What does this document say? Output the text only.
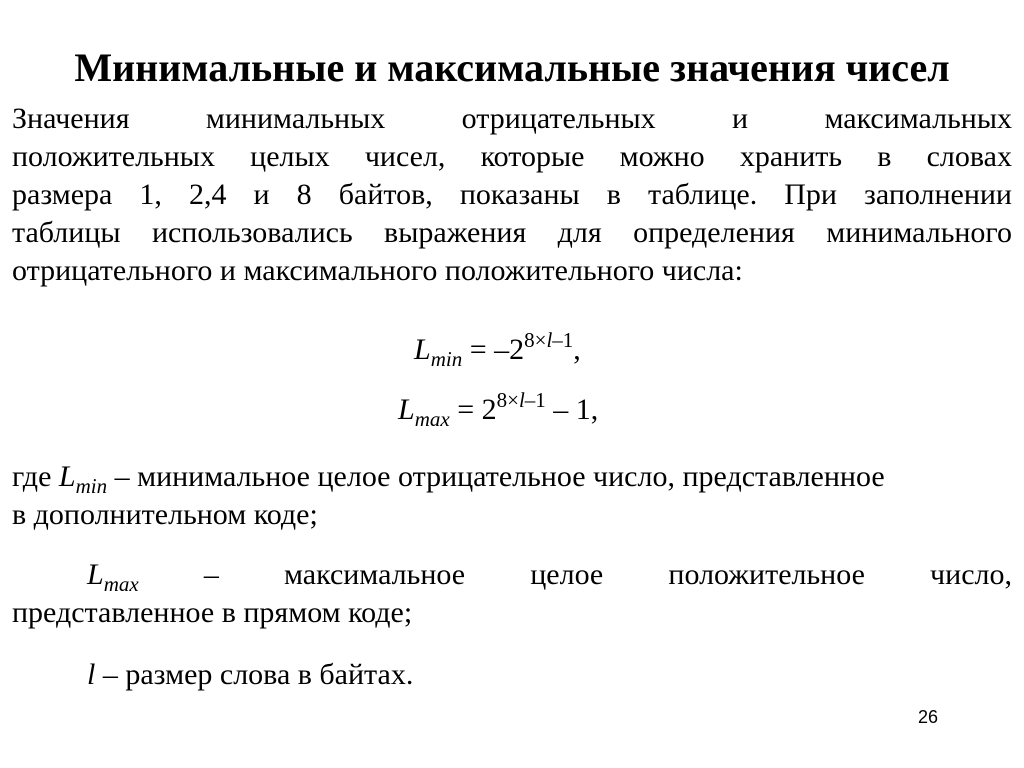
Минимальные и максимальные значения чисел
Значения минимальных отрицательных и максимальных
положительных целых чисел, которые можно хранить в словах
размера 1, 2,4 и 8 байтов, показаны в таблице. При заполнении
таблицы использовались выражения для определения минимального
отрицательного и максимального положительного числа:
$L_{min} = -2^{8\times l-1}$,
$L_{max} = 2^{8\times l-1} - 1$,
где $L_{min}$ – минимальное целое отрицательное число, представленное
в дополнительном коде;
$L_{max}$ – максимальное целое положительное число,
представленное в прямом коде;
l – размер слова в байтах.
26
